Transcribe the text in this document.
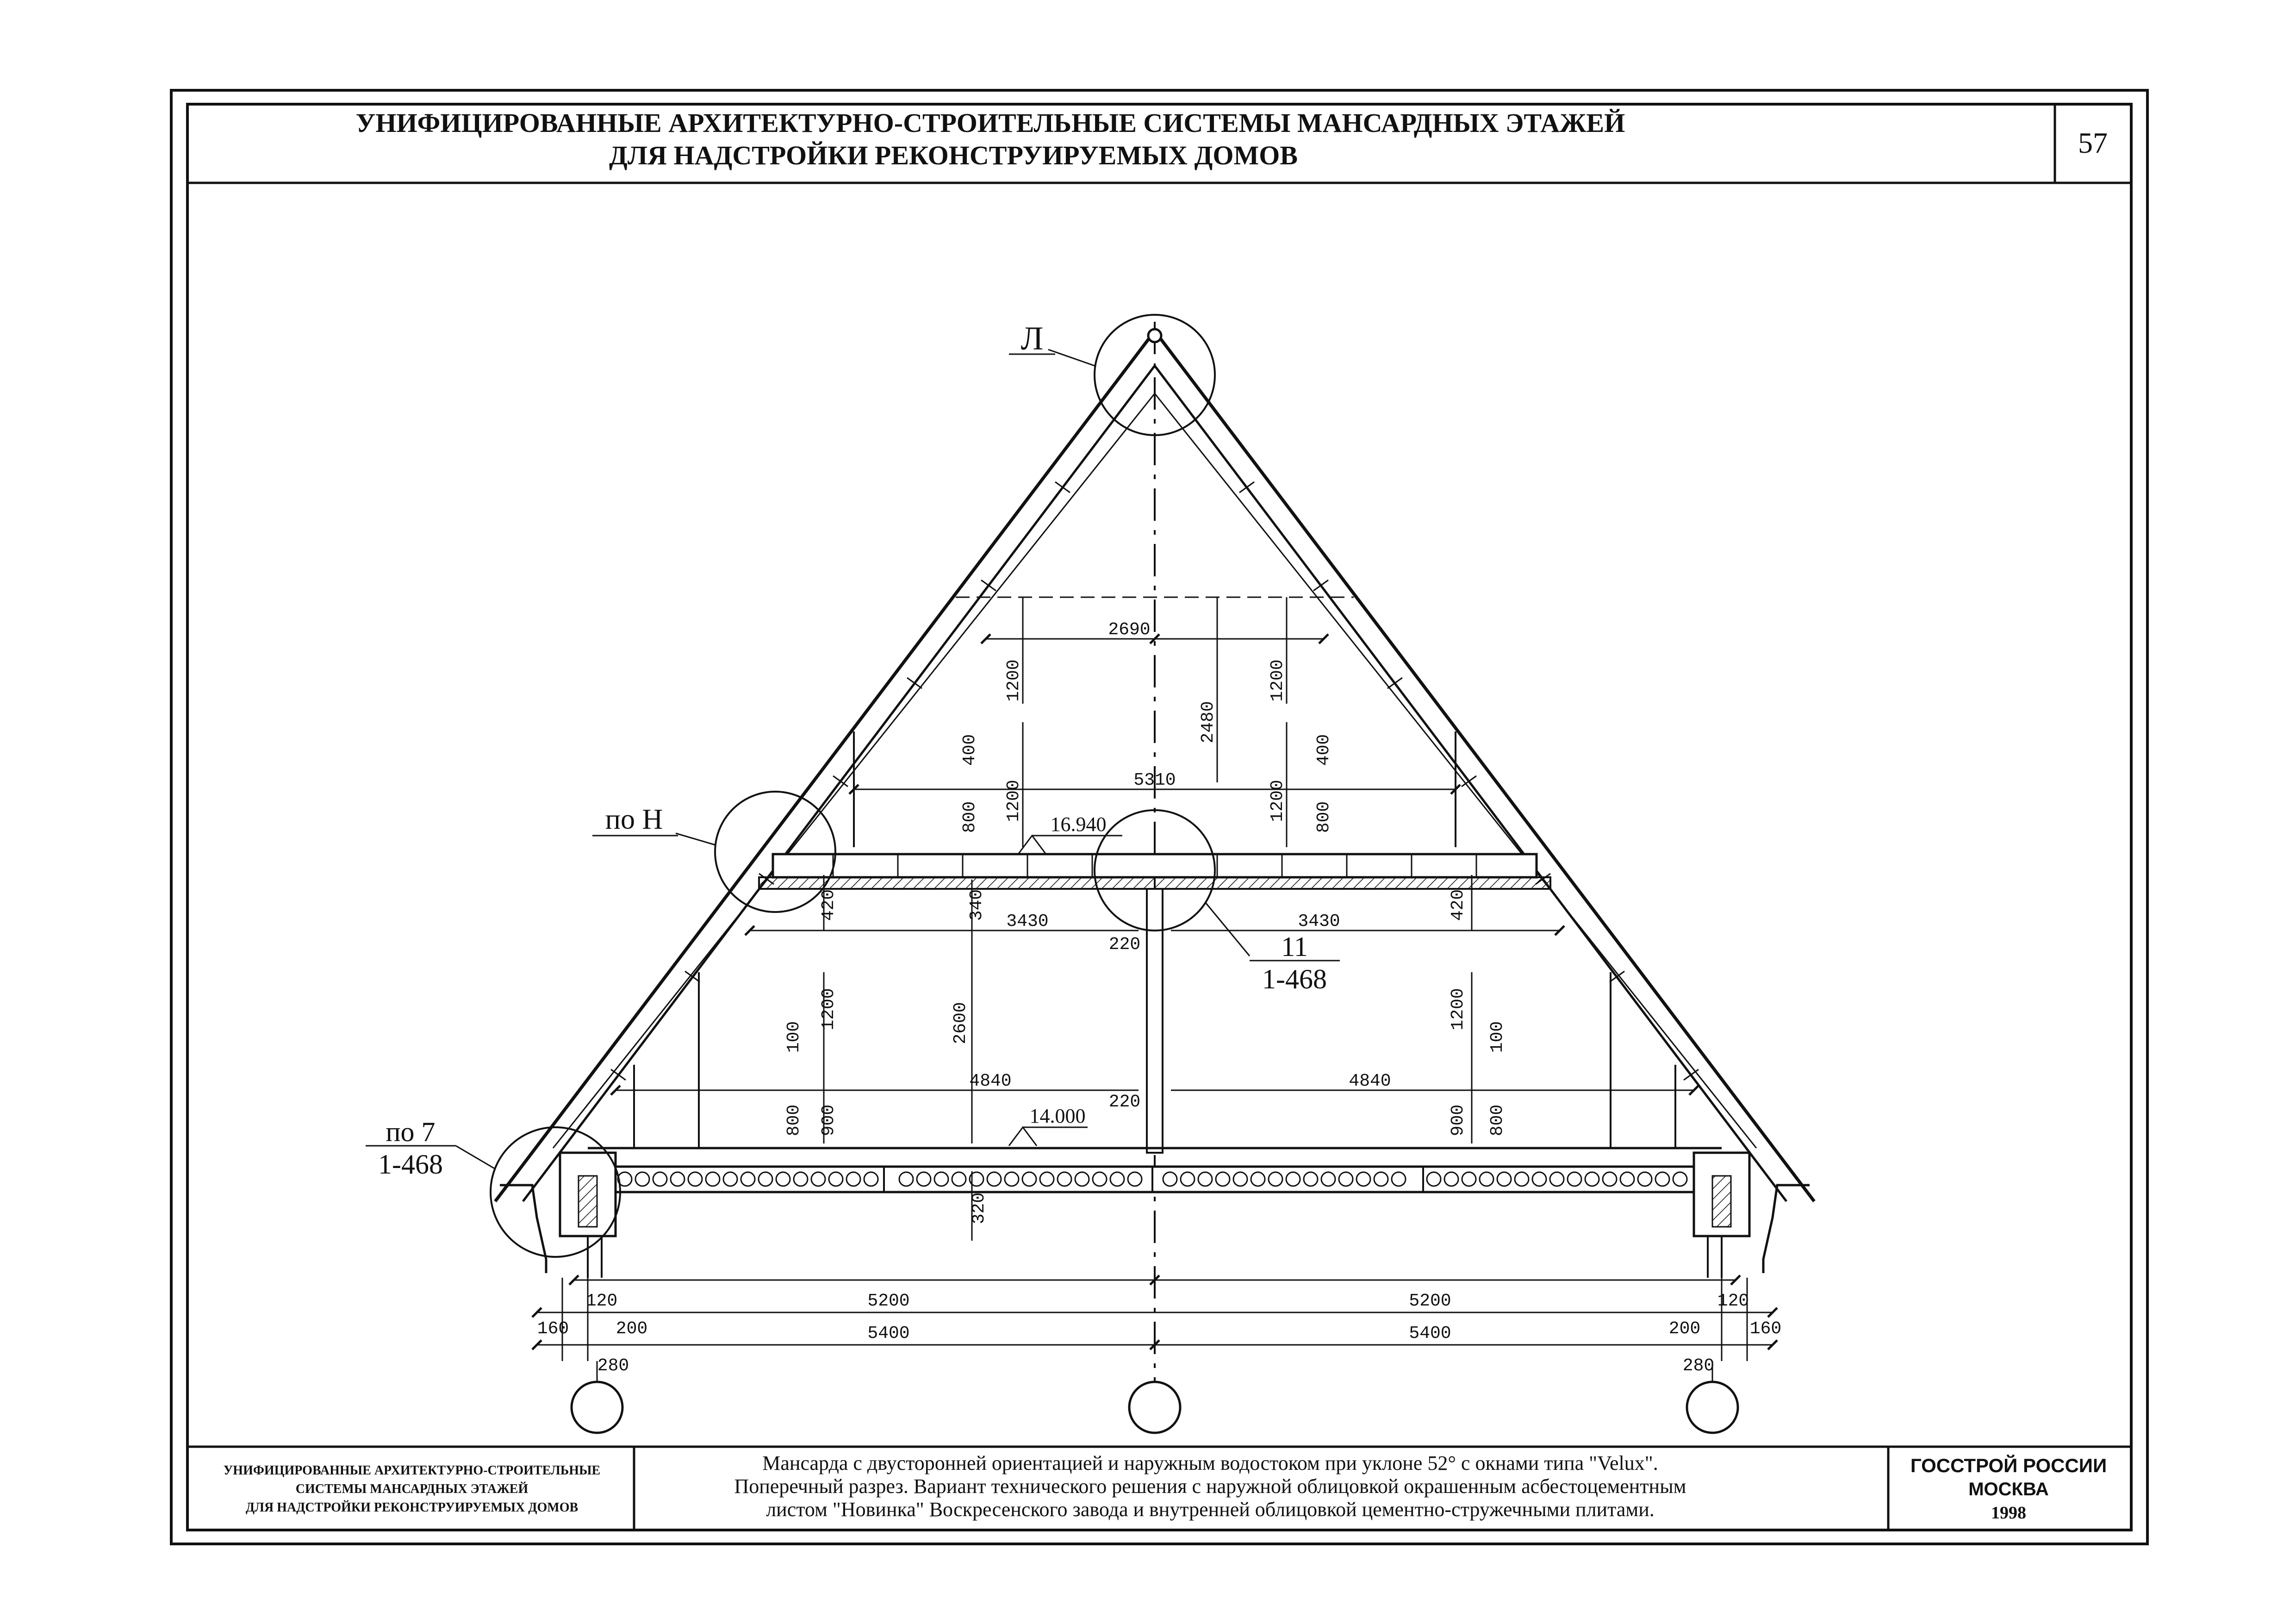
УНИФИЦИРОВАННЫЕ АРХИТЕКТУРНО-СТРОИТЕЛЬНЫЕ СИСТЕМЫ МАНСАРДНЫХ ЭТАЖЕЙ
ДЛЯ НАДСТРОЙКИ РЕКОНСТРУИРУЕМЫХ ДОМОВ	57
УНИФИЦИРОВАННЫЕ АРХИТЕКТУРНО-СТРОИТЕЛЬНЫЕ
СИСТЕМЫ МАНСАРДНЫХ ЭТАЖЕЙ
ДЛЯ НАДСТРОЙКИ РЕКОНСТРУИРУЕМЫХ ДОМОВ
Мансарда с двусторонней ориентацией и наружным водостоком при уклоне 52° с окнами типа "Velux".
Поперечный разрез. Вариант технического решения с наружной облицовкой окрашенным асбестоцементным
листом "Новинка" Воскресенского завода и внутренней облицовкой цементно-стружечными плитами.
ГОССТРОЙ РОССИИ
МОСКВА
1998
Л
по Н
11
1-468
по 7
1-468
16.940
14.000
2690
1200	1200
2480
5310
400
1200
800	1200
400
800
340
420	420
3430	3430
220
220
100
1200
800 900
2600	1200
100
900 800
4840	4840
320
5200	5200
120	120
160	200	200	160
5400	5400
280	280
